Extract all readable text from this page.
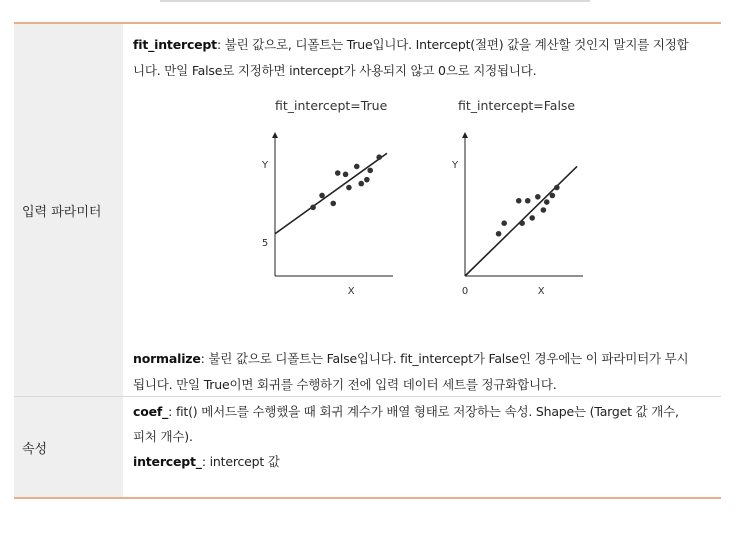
입력 파라미터

fit_intercept: 불린 값으로, 디폴트는 True입니다. Intercept(절편) 값을 계산할 것인지 말지를 지정합
니다. 만일 False로 지정하면 intercept가 사용되지 않고 0으로 지정됩니다.

fit_intercept=True	fit_intercept=False
Y
X
5
Y
X
0

normalize: 불린 값으로 디폴트는 False입니다. fit_intercept가 False인 경우에는 이 파라미터가 무시
됩니다. 만일 True이면 회귀를 수행하기 전에 입력 데이터 세트를 정규화합니다.

속성

coef_: fit() 메서드를 수행했을 때 회귀 계수가 배열 형태로 저장하는 속성. Shape는 (Target 값 개수,
피처 개수).

intercept_: intercept 값
